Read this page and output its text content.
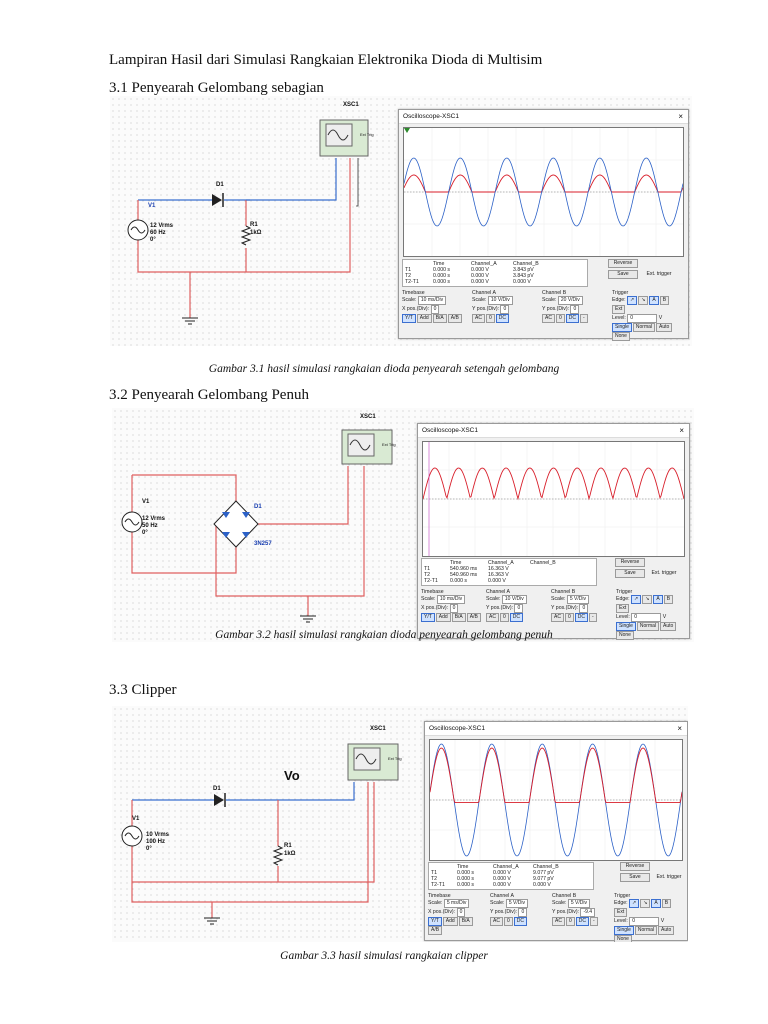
Lampiran Hasil dari Simulasi Rangkaian Elektronika Dioda di Multisim
3.1 Penyearah Gelombang sebagian
XSC1
Ext Trig
D1
V1
12 Vrms
60 Hz
0°
R1
1kΩ
Oscilloscope-XSC1	×
Time	Channel_A	Channel_B
T1	0.000 s	0.000 V	3.843 pV
T2	0.000 s	0.000 V	3.843 pV
T2-T1	0.000 s	0.000 V	0.000 V
Reverse
Save	Ext. trigger
Timebase
Scale: 10 ms/Div
X pos.(Div): 0
Y/T Add B/A A/B
Channel A
Scale: 10 V/Div
Y pos.(Div): 0
AC 0 DC
Channel B
Scale: 20 V/Div
Y pos.(Div): 0
AC 0 DC -
Trigger
Edge: ↗ ↘ A BExt
Level: 0	V
Single Normal AutoNone
Gambar 3.1 hasil simulasi rangkaian dioda penyearah setengah gelombang
3.2 Penyearah Gelombang Penuh
XSC1
Ext Trig
V1
12 Vrms
50 Hz
0°
D1
3N257
Oscilloscope-XSC1	×
Time	Channel_A	Channel_B
T1	540.960 ms	16.363 V
T2	540.960 ms	16.363 V
T2-T1	0.000 s	0.000 V
Reverse
Save	Ext. trigger
Timebase
Scale: 10 ms/Div
X pos.(Div): 0
Y/T Add B/A A/B
Channel A
Scale: 10 V/Div
Y pos.(Div): 0
AC 0 DC
Channel B
Scale: 5 V/Div
Y pos.(Div): 0
AC 0 DC -
Trigger
Edge: ↗ ↘ A BExt
Level: 0	V
Single Normal AutoNone
Gambar 3.2 hasil simulasi rangkaian dioda penyearah gelombang penuh
3.3 Clipper
XSC1
Ext Trig
Vo
D1
V1
10 Vrms
100 Hz
0°	R1
1kΩ
Oscilloscope-XSC1	×
Time	Channel_A	Channel_B
T1	0.000 s	0.000 V	9.077 pV
T2	0.000 s	0.000 V	9.077 pV
T2-T1	0.000 s	0.000 V	0.000 V
Reverse
Save	Ext. trigger
Timebase
Scale: 5 ms/Div
X pos.(Div): 0
Y/T Add B/AA/B
Channel A
Scale: 5 V/Div
Y pos.(Div): 0
AC 0 DC
Channel B
Scale: 5 V/Div
Y pos.(Div): -9.4
AC 0 DC -
Trigger
Edge: ↗ ↘ A BExt
Level: 0	V
Single Normal AutoNone
Gambar 3.3 hasil simulasi rangkaian clipper
